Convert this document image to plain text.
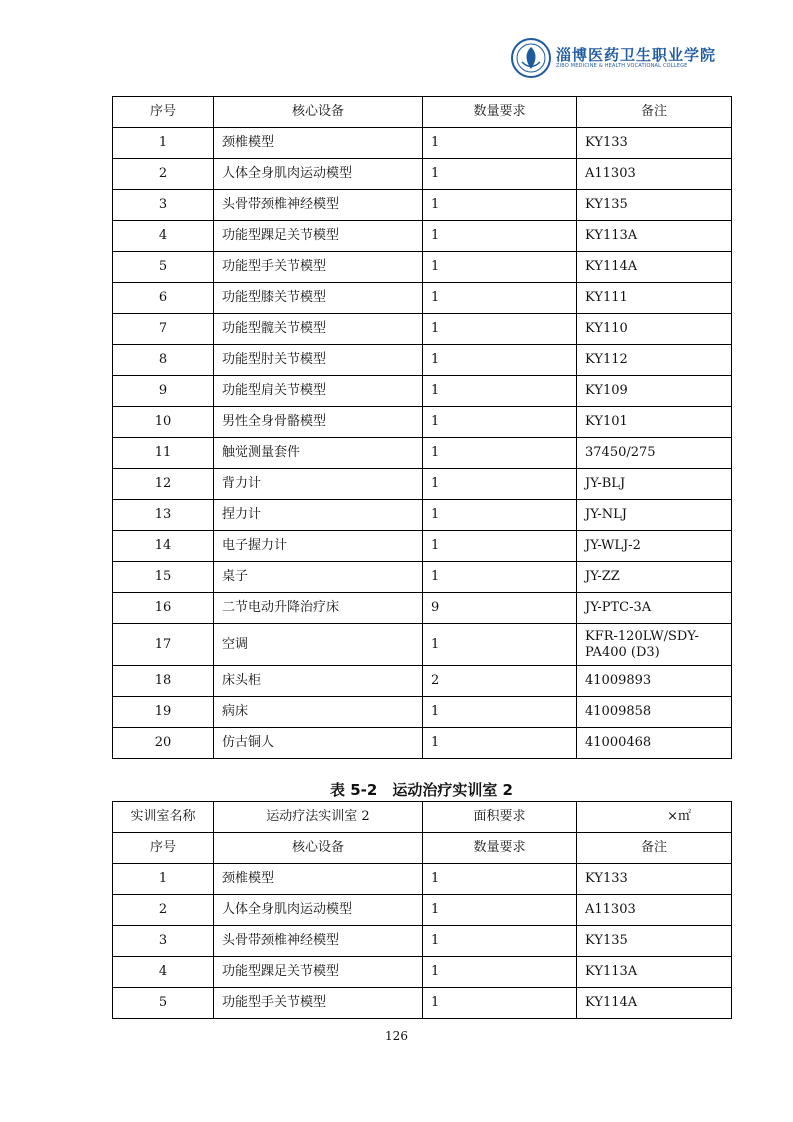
淄博医药卫生职业学院
ZIBO MEDICINE & HEALTH VOCATIONAL COLLEGE
序号	核心设备	数量要求	备注
1	颈椎模型	1	KY133
2	人体全身肌肉运动模型	1	A11303
3	头骨带颈椎神经模型	1	KY135
4	功能型踝足关节模型	1	KY113A
5	功能型手关节模型	1	KY114A
6	功能型膝关节模型	1	KY111
7	功能型髋关节模型	1	KY110
8	功能型肘关节模型	1	KY112
9	功能型肩关节模型	1	KY109
10	男性全身骨骼模型	1	KY101
11	触觉测量套件	1	37450/275
12	背力计	1	JY-BLJ
13	捏力计	1	JY-NLJ
14	电子握力计	1	JY-WLJ-2
15	桌子	1	JY-ZZ
16	二节电动升降治疗床	9	JY-PTC-3A
17	空调	1	KFR-120LW/SDY-PA400 (D3)
18	床头柜	2	41009893
19	病床	1	41009858
20	仿古铜人	1	41000468
表 5-2　运动治疗实训室 2
实训室名称	运动疗法实训室 2	面积要求	×㎡
序号	核心设备	数量要求	备注
1	颈椎模型	1	KY133
2	人体全身肌肉运动模型	1	A11303
3	头骨带颈椎神经模型	1	KY135
4	功能型踝足关节模型	1	KY113A
5	功能型手关节模型	1	KY114A
126
